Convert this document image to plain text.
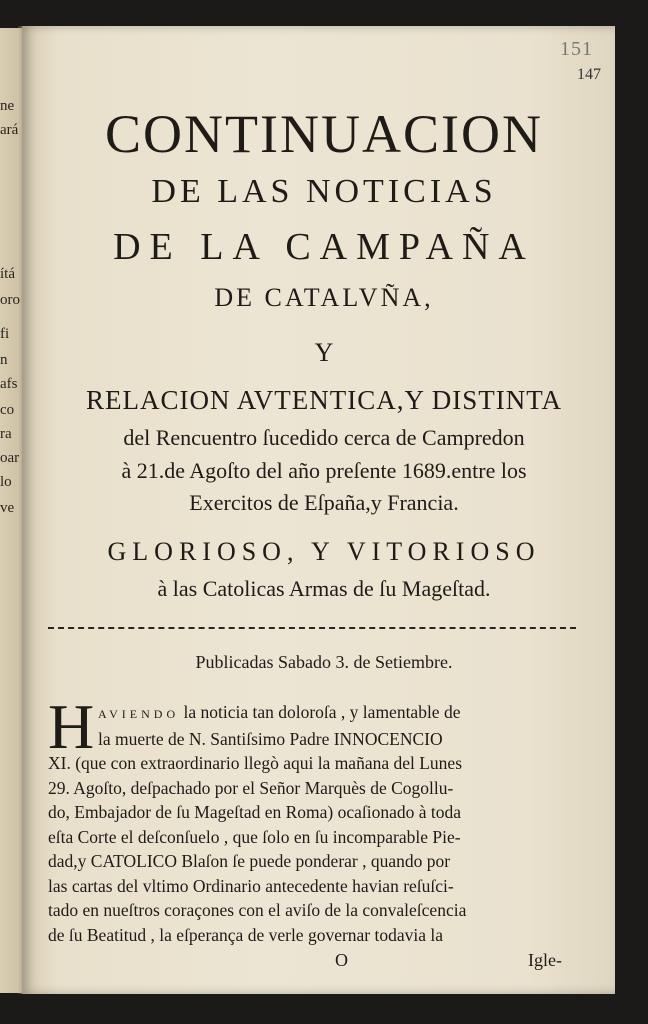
ne
ará
ítá
oro
fi
n
afs
co
ra
oar
lo
ve
151
147
CONTINUACION
DE LAS NOTICIAS
DE LA CAMPAÑA
DE CATALVÑA,
Y
RELACION AVTENTICA,Y DISTINTA
del Rencuentro ſucedido cerca de Campredon
à 21.de Agoſto del año preſente 1689.entre los
Exercitos de Eſpaña,y Francia.
GLORIOSO, Y VITORIOSO
à las Catolicas Armas de ſu Mageſtad.
Publicadas Sabado 3. de Setiembre.
H AVIENDO la noticia tan doloroſa , y lamentable de
la muerte de N. Santiſsimo Padre INNOCENCIO
XI. (que con extraordinario llegò aqui la mañana del Lunes
29. Agoſto, deſpachado por el Señor Marquès de Cogollu-
do, Embajador de ſu Mageſtad en Roma) ocaſionado à toda
eſta Corte el deſconſuelo , que ſolo en ſu incomparable Pie-
dad,y CATOLICO Blaſon ſe puede ponderar , quando por
las cartas del vltimo Ordinario antecedente havian reſuſci-
tado en nueſtros coraçones con el aviſo de la convaleſcencia
de ſu Beatitud , la eſperança de verle governar todavia la
O	Igle-
